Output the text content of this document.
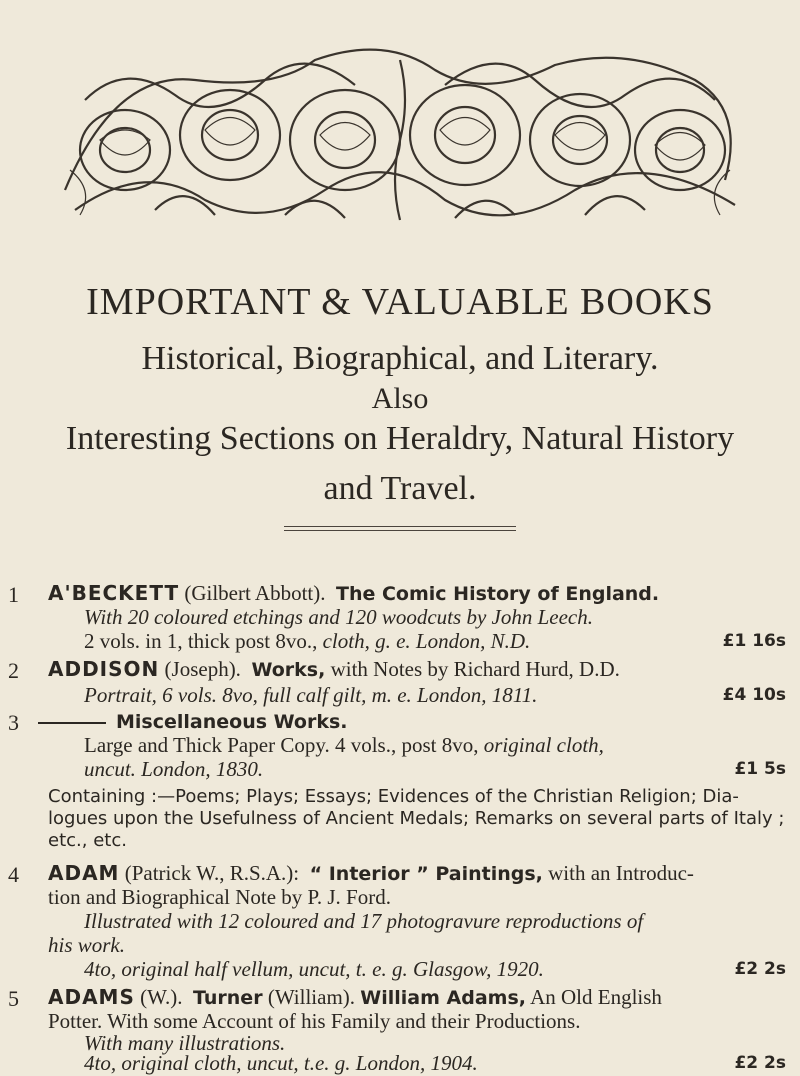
IMPORTANT & VALUABLE BOOKS
Historical, Biographical, and Literary.
Also
Interesting Sections on Heraldry, Natural History
and Travel.
1 A'BECKETT (Gilbert Abbott). The Comic History of England.
With 20 coloured etchings and 120 woodcuts by John Leech.
2 vols. in 1, thick post 8vo., cloth, g. e. London, N.D.	£1 16s
2 ADDISON (Joseph). Works, with Notes by Richard Hurd, D.D.
Portrait, 6 vols. 8vo, full calf gilt, m. e. London, 1811.	£4 10s
3	Miscellaneous Works.
Large and Thick Paper Copy. 4 vols., post 8vo, original cloth,
uncut. London, 1830.	£1 5s
Containing :—Poems; Plays; Essays; Evidences of the Christian Religion; Dia-
logues upon the Usefulness of Ancient Medals; Remarks on several parts of Italy ;
etc., etc.
4 ADAM (Patrick W., R.S.A.): “ Interior ” Paintings, with an Introduc-
tion and Biographical Note by P. J. Ford.
Illustrated with 12 coloured and 17 photogravure reproductions of
his work.
4to, original half vellum, uncut, t. e. g. Glasgow, 1920.	£2 2s
5 ADAMS (W.). Turner (William). William Adams, An Old English
Potter. With some Account of his Family and their Productions.
With many illustrations.
4to, original cloth, uncut, t.e. g. London, 1904.	£2 2s
